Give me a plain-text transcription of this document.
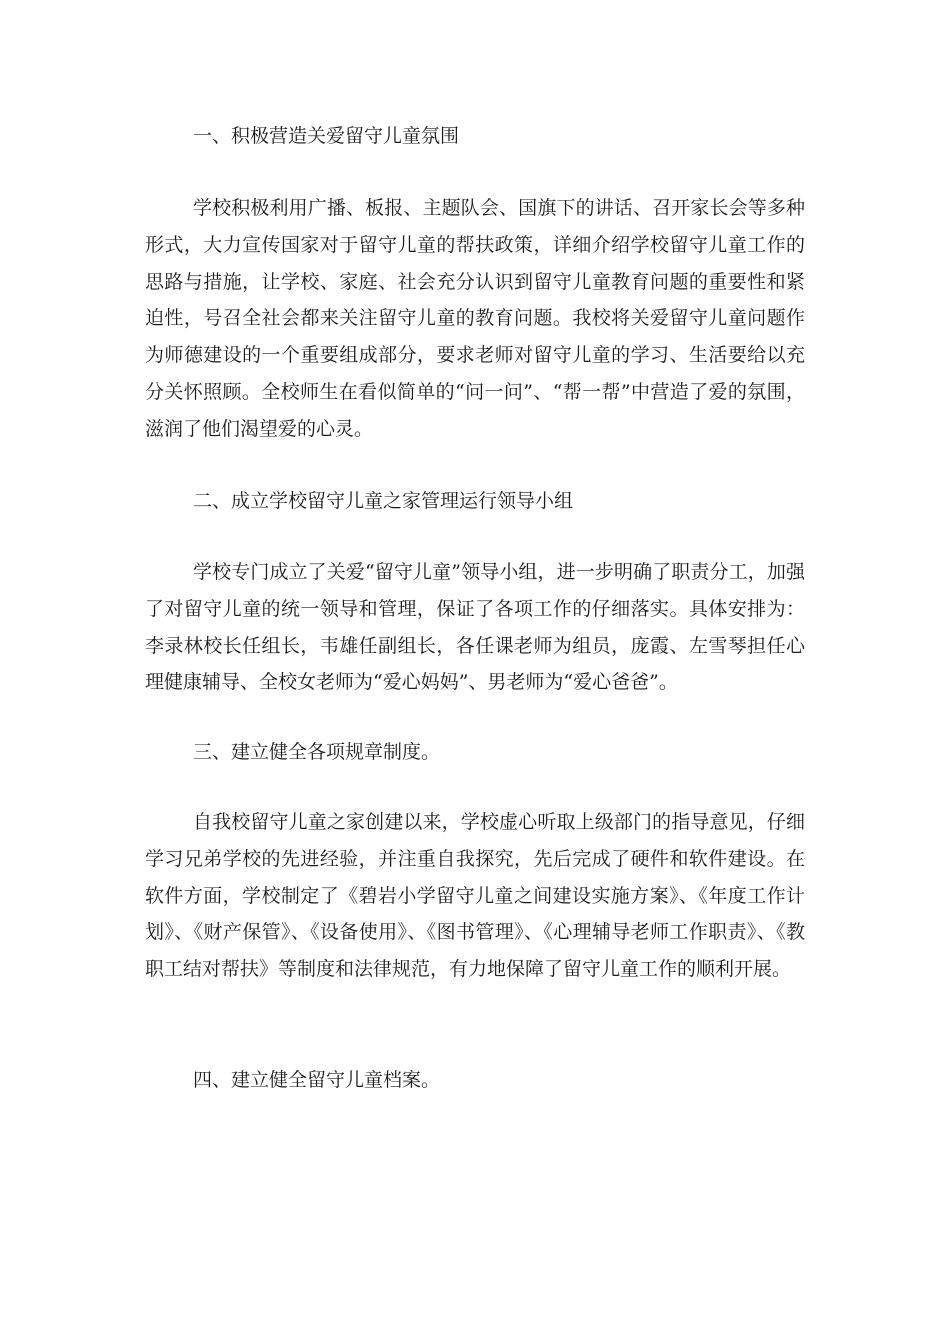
一、积极营造关爱留守儿童氛围

学校积极利用广播、板报、主题队会、国旗下的讲话、召开家长会等多种形式，大力宣传国家对于留守儿童的帮扶政策，详细介绍学校留守儿童工作的思路与措施，让学校、家庭、社会充分认识到留守儿童教育问题的重要性和紧迫性，号召全社会都来关注留守儿童的教育问题。我校将关爱留守儿童问题作为师德建设的一个重要组成部分，要求老师对留守儿童的学习、生活要给以充分关怀照顾。全校师生在看似简单的“问一问”、“帮一帮”中营造了爱的氛围，滋润了他们渴望爱的心灵。

二、成立学校留守儿童之家管理运行领导小组

学校专门成立了关爱“留守儿童”领导小组，进一步明确了职责分工，加强了对留守儿童的统一领导和管理，保证了各项工作的仔细落实。具体安排为：李录林校长任组长，韦雄任副组长，各任课老师为组员，庞霞、左雪琴担任心理健康辅导、全校女老师为“爱心妈妈”、男老师为“爱心爸爸”。

三、建立健全各项规章制度。

自我校留守儿童之家创建以来，学校虚心听取上级部门的指导意见，仔细学习兄弟学校的先进经验，并注重自我探究，先后完成了硬件和软件建设。在软件方面，学校制定了《碧岩小学留守儿童之间建设实施方案》、《年度工作计划》、《财产保管》、《设备使用》、《图书管理》、《心理辅导老师工作职责》、《教职工结对帮扶》等制度和法律规范，有力地保障了留守儿童工作的顺利开展。

四、建立健全留守儿童档案。
